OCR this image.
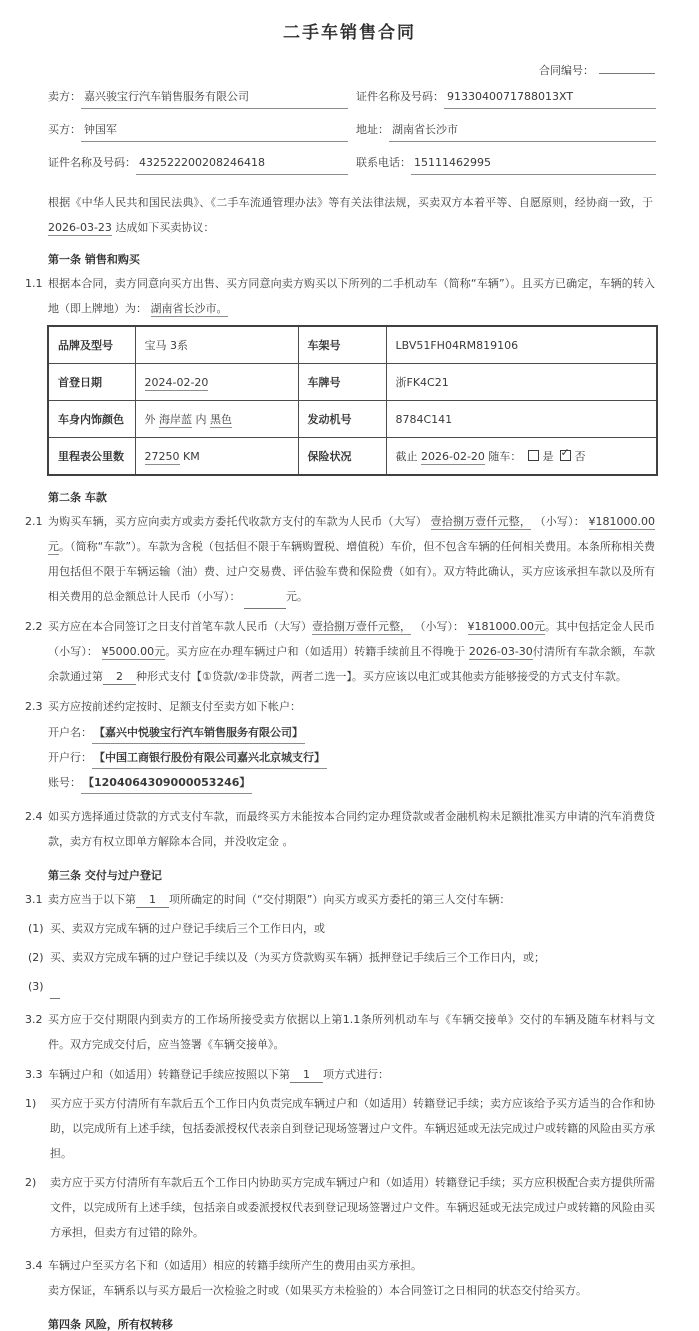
二手车销售合同
合同编号：
卖方： 嘉兴骏宝行汽车销售服务有限公司	证件名称及号码： 9133040071788013XT
买方： 钟国军	地址： 湖南省长沙市
证件名称及号码： 432522200208246418	联系电话： 15111462995
根据《中华人民共和国民法典》、《二手车流通管理办法》等有关法律法规，买卖双方本着平等、自愿原则，经协商一致，于 2026-03-23 达成如下买卖协议：
第一条 销售和购买
1.1 根据本合同，卖方同意向买方出售、买方同意向卖方购买以下所列的二手机动车（简称“车辆”）。且买方已确定，车辆的转入地（即上牌地）为： 湖南省长沙市。
品牌及型号	宝马 3系	车架号	LBV51FH04RM819106
首登日期	2024-02-20	车牌号	浙FK4C21
车身内饰颜色	外 海岸蓝 内 黑色	发动机号	8784C141
里程表公里数	27250 KM	保险状况	截止 2026-02-20 随车： 是 ✓ 否
第二条 车款
2.1 为购买车辆，买方应向卖方或卖方委托代收款方支付的车款为人民币（大写） 壹拾捌万壹仟元整， （小写）： ¥181000.00元。（简称“车款”）。车款为含税（包括但不限于车辆购置税、增值税）车价，但不包含车辆的任何相关费用。本条所称相关费用包括但不限于车辆运输（油）费、过户交易费、评估验车费和保险费（如有）。双方特此确认，买方应该承担车款以及所有相关费用的总金额总计人民币（小写）：	元。
2.2 买方应在本合同签订之日支付首笔车款人民币（大写）壹拾捌万壹仟元整， （小写）： ¥181000.00元。其中包括定金人民币（小写）： ¥5000.00元。买方应在办理车辆过户和（如适用）转籍手续前且不得晚于 2026-03-30付清所有车款余额，车款余款通过第 2 种形式支付【①贷款/②非贷款，两者二选一】。买方应该以电汇或其他卖方能够接受的方式支付车款。
2.3 买方应按前述约定按时、足额支付至卖方如下帐户：
开户名： 【嘉兴中悦骏宝行汽车销售服务有限公司】
开户行： 【中国工商银行股份有限公司嘉兴北京城支行】
账号： 【1204064309000053246】
2.4 如买方选择通过贷款的方式支付车款，而最终买方未能按本合同约定办理贷款或者金融机构未足额批准买方申请的汽车消费贷款，卖方有权立即单方解除本合同，并没收定金 。
第三条 交付与过户登记
3.1 卖方应当于以下第 1 项所确定的时间（“交付期限”）向买方或买方委托的第三人交付车辆：
(1) 买、卖双方完成车辆的过户登记手续后三个工作日内，或
(2) 买、卖双方完成车辆的过户登记手续以及（为买方贷款购买车辆）抵押登记手续后三个工作日内，或；
(3)
3.2 买方应于交付期限内到卖方的工作场所接受卖方依据以上第1.1条所列机动车与《车辆交接单》交付的车辆及随车材料与文件。双方完成交付后，应当签署《车辆交接单》。
3.3 车辆过户和（如适用）转籍登记手续应按照以下第 1 项方式进行：
1)	买方应于买方付清所有车款后五个工作日内负责完成车辆过户和（如适用）转籍登记手续；卖方应该给予买方适当的合作和协助，以完成所有上述手续，包括委派授权代表亲自到登记现场签署过户文件。车辆迟延或无法完成过户或转籍的风险由买方承担。
2)	卖方应于买方付清所有车款后五个工作日内协助买方完成车辆过户和（如适用）转籍登记手续；买方应积极配合卖方提供所需文件，以完成所有上述手续，包括亲自或委派授权代表到登记现场签署过户文件。车辆迟延或无法完成过户或转籍的风险由买方承担，但卖方有过错的除外。
3.4 车辆过户至买方名下和（如适用）相应的转籍手续所产生的费用由买方承担。
卖方保证，车辆系以与买方最后一次检验之时或（如果买方未检验的）本合同签订之日相同的状态交付给买方。
第四条 风险，所有权转移
